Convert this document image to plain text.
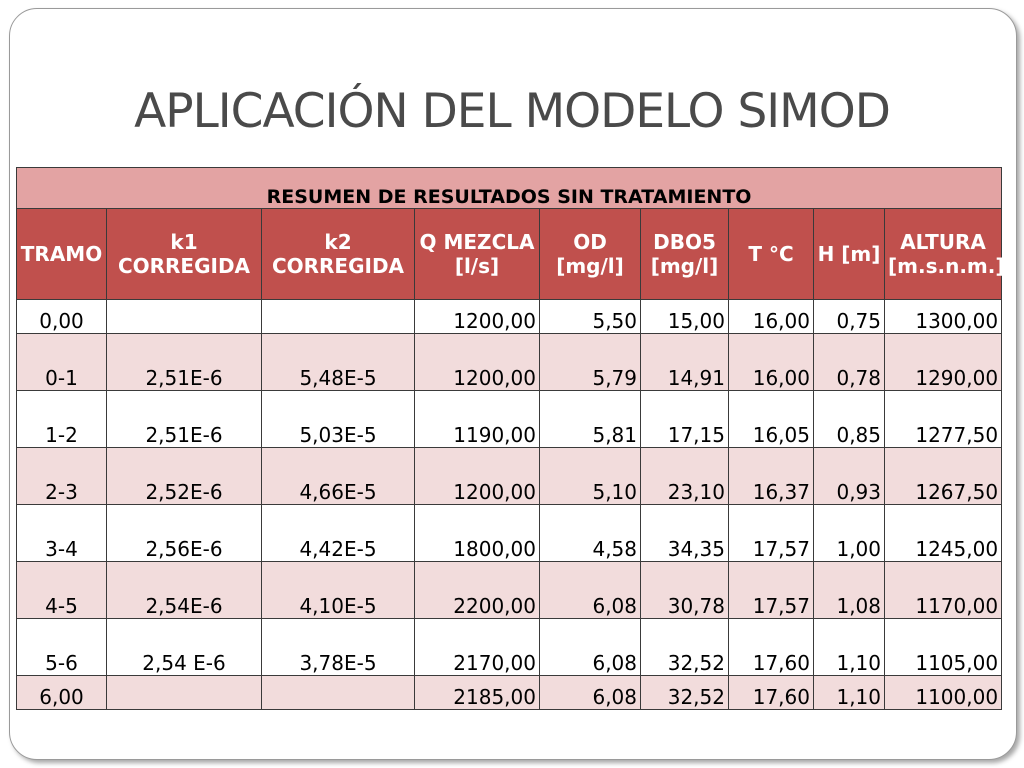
APLICACIÓN DEL MODELO SIMOD
RESUMEN DE RESULTADOS SIN TRATAMIENTO								
TRAMO	k1 CORREGIDA	k2 CORREGIDA	Q MEZCLA [l/s]	OD [mg/l]	DBO5 [mg/l]	T °C	H [m]	ALTURA [m.s.n.m.]
0,00			1200,00	5,50	15,00	16,00	0,75	1300,00
0-1	2,51E-6	5,48E-5	1200,00	5,79	14,91	16,00	0,78	1290,00
1-2	2,51E-6	5,03E-5	1190,00	5,81	17,15	16,05	0,85	1277,50
2-3	2,52E-6	4,66E-5	1200,00	5,10	23,10	16,37	0,93	1267,50
3-4	2,56E-6	4,42E-5	1800,00	4,58	34,35	17,57	1,00	1245,00
4-5	2,54E-6	4,10E-5	2200,00	6,08	30,78	17,57	1,08	1170,00
5-6	2,54 E-6	3,78E-5	2170,00	6,08	32,52	17,60	1,10	1105,00
6,00			2185,00	6,08	32,52	17,60	1,10	1100,00
